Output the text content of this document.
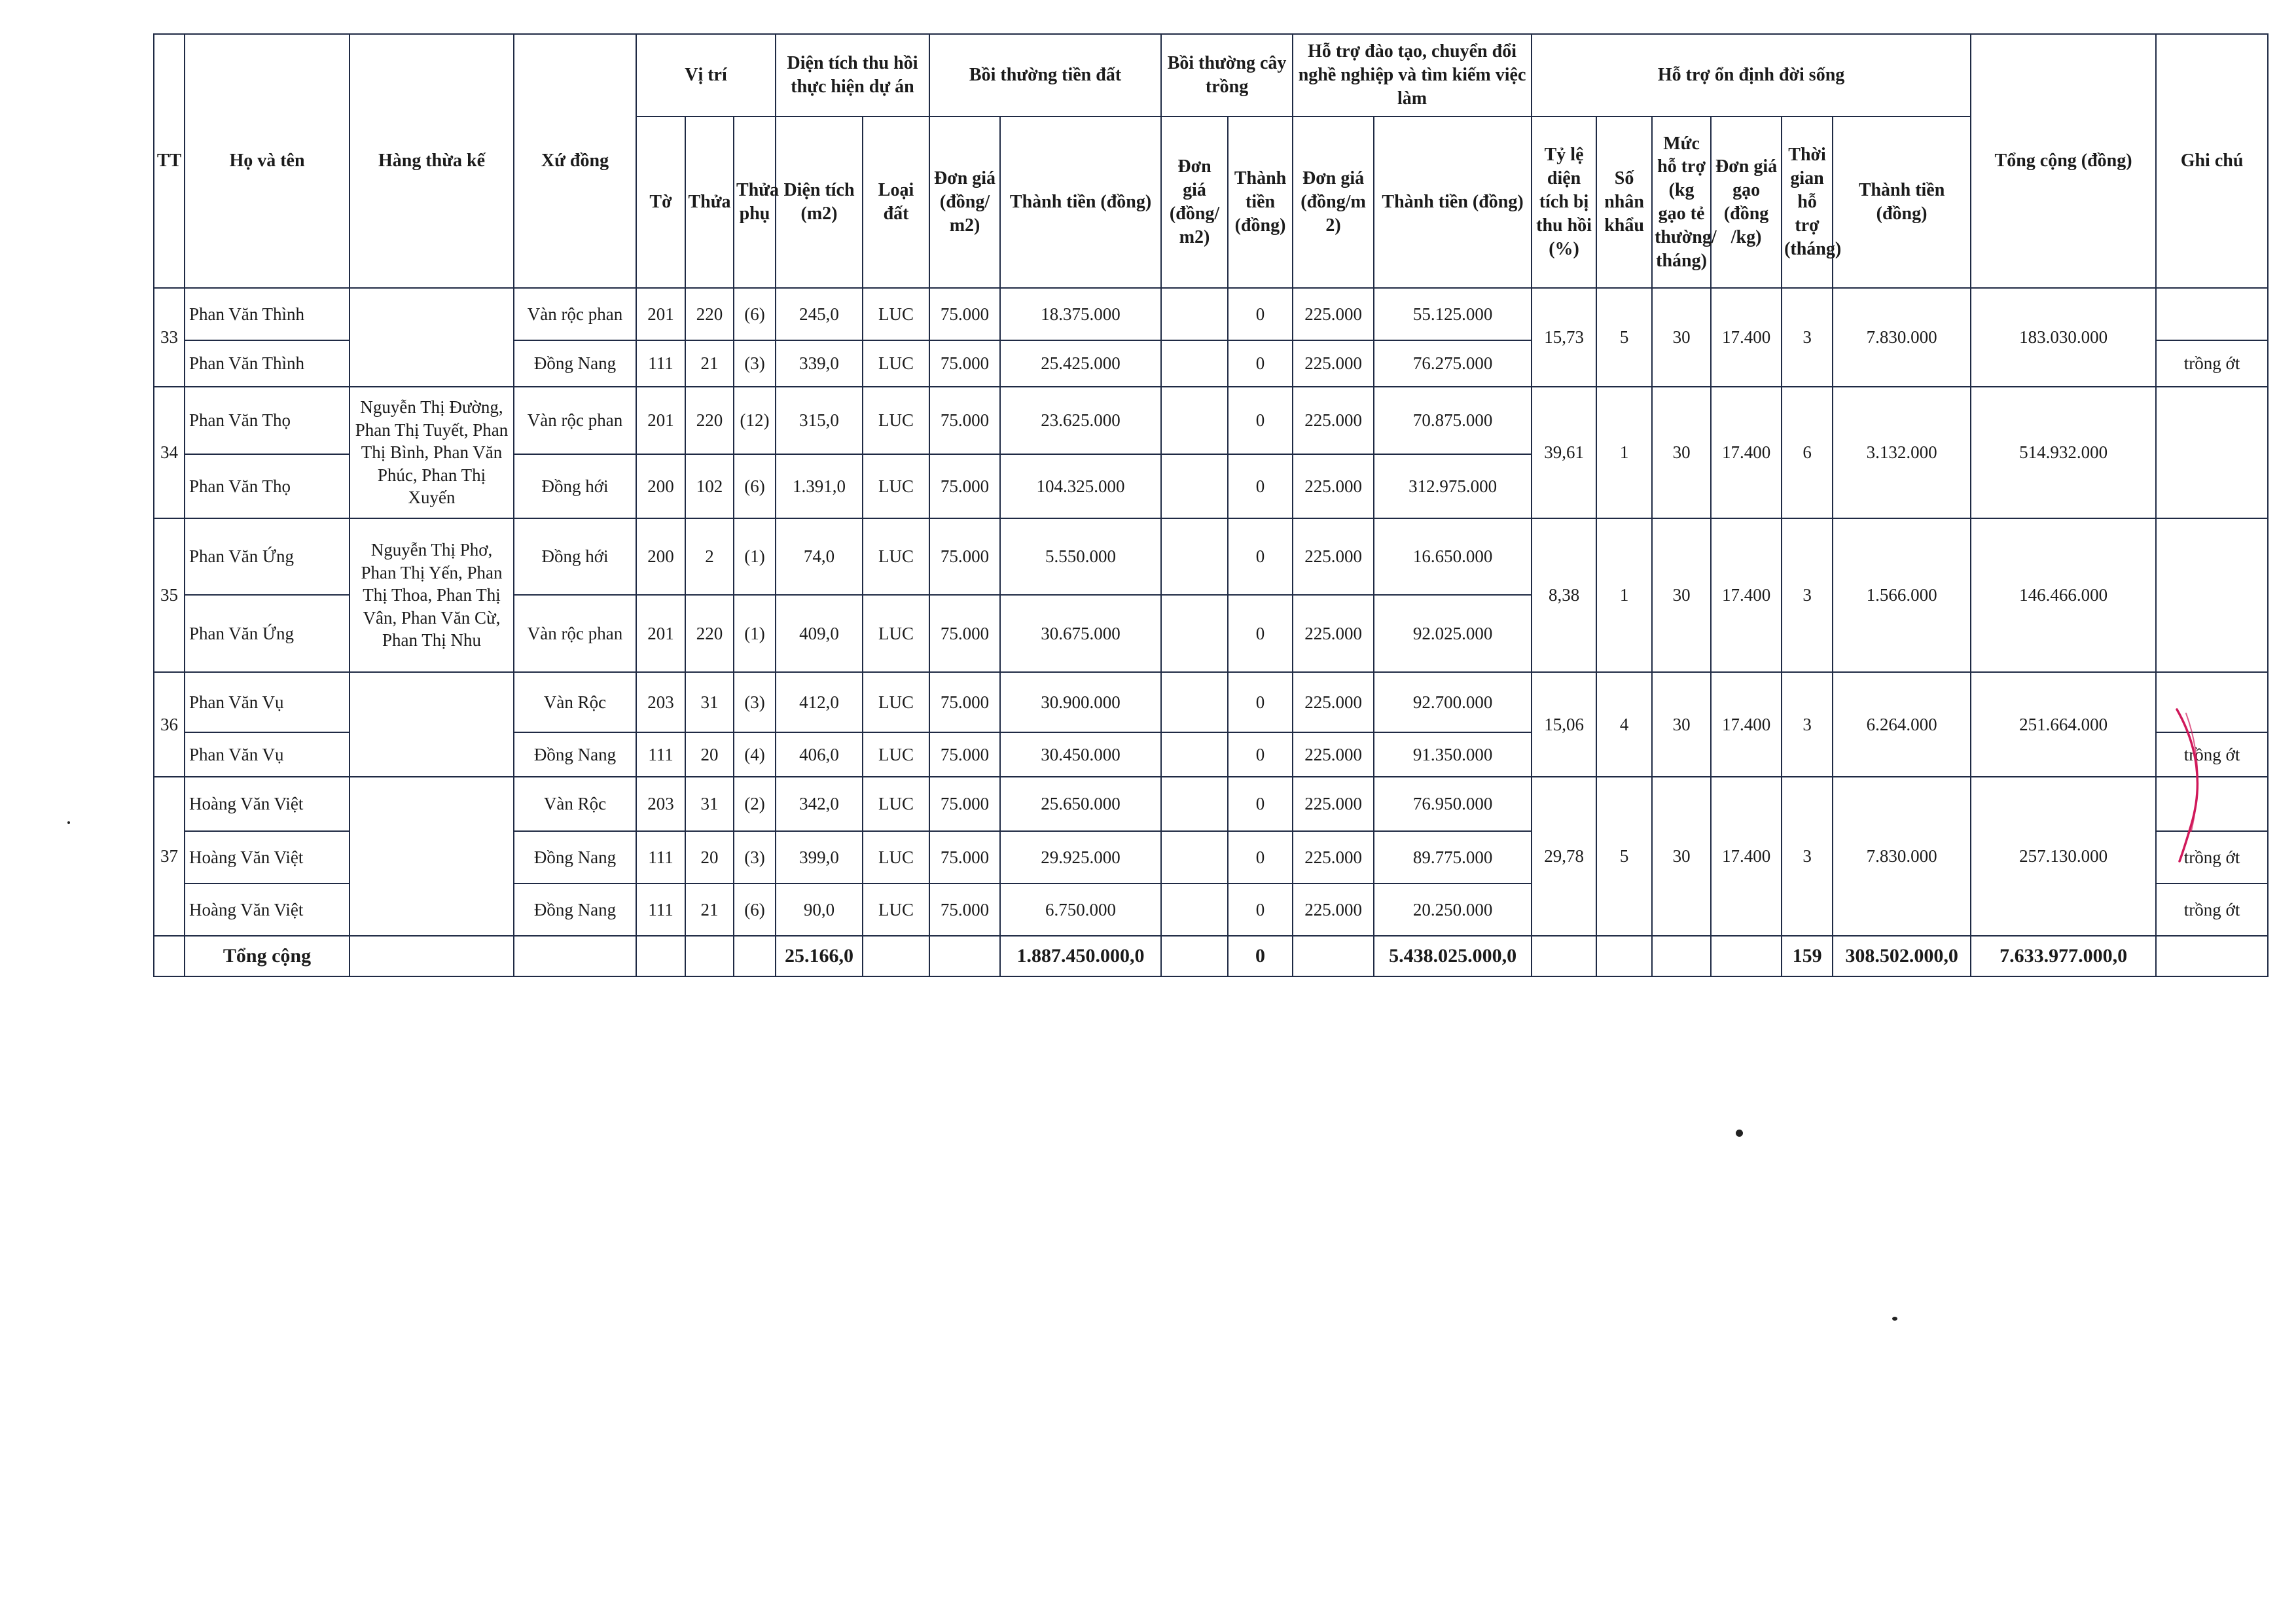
TT	Họ và tên	Hàng thừa kế	Xứ đồng	Vị trí			Diện tích thu hồi thực hiện dự án		Bồi thường tiền đất		Bồi thường cây trồng		Hỗ trợ đào tạo, chuyển đổi nghề nghiệp và tìm kiếm việc làm		Hỗ trợ ổn định đời sống						Tổng cộng (đồng)	Ghi chú
				Tờ	Thửa	Thửa phụ	Diện tích (m2)	Loại đất	Đơn giá (đồng/ m2)	Thành tiền (đồng)	Đơn giá (đồng/ m2)	Thành tiền (đồng)	Đơn giá (đồng/m 2)	Thành tiền (đồng)	Tỷ lệ diện tích bị thu hồi (%)	Số nhân khẩu	Mức hỗ trợ (kg gạo tẻ thường/ tháng)	Đơn giá gạo (đồng /kg)	Thời gian hỗ trợ (tháng)	Thành tiền (đồng)		
33	Phan Văn Thình		Vàn rộc phan	201	220	(6)	245,0	LUC	75.000	18.375.000		0	225.000	55.125.000	15,73	5	30	17.400	3	7.830.000	183.030.000	
	Phan Văn Thình		Đồng Nang	111	21	(3)	339,0	LUC	75.000	25.425.000		0	225.000	76.275.000								trồng ớt
34	Phan Văn Thọ	Nguyễn Thị Đường, Phan Thị Tuyết, Phan Thị Bình, Phan Văn Phúc, Phan Thị Xuyến	Vàn rộc phan	201	220	(12)	315,0	LUC	75.000	23.625.000		0	225.000	70.875.000	39,61	1	30	17.400	6	3.132.000	514.932.000	
	Phan Văn Thọ		Đồng hới	200	102	(6)	1.391,0	LUC	75.000	104.325.000		0	225.000	312.975.000								
35	Phan Văn Ứng	Nguyễn Thị Phơ, Phan Thị Yến, Phan Thị Thoa, Phan Thị Vân, Phan Văn Cừ, Phan Thị Nhu	Đồng hới	200	2	(1)	74,0	LUC	75.000	5.550.000		0	225.000	16.650.000	8,38	1	30	17.400	3	1.566.000	146.466.000	
	Phan Văn Ứng		Vàn rộc phan	201	220	(1)	409,0	LUC	75.000	30.675.000		0	225.000	92.025.000								
36	Phan Văn Vụ		Vàn Rộc	203	31	(3)	412,0	LUC	75.000	30.900.000		0	225.000	92.700.000	15,06	4	30	17.400	3	6.264.000	251.664.000	
	Phan Văn Vụ		Đồng Nang	111	20	(4)	406,0	LUC	75.000	30.450.000		0	225.000	91.350.000								trồng ớt
37	Hoàng Văn Việt		Vàn Rộc	203	31	(2)	342,0	LUC	75.000	25.650.000		0	225.000	76.950.000	29,78	5	30	17.400	3	7.830.000	257.130.000	
	Hoàng Văn Việt		Đồng Nang	111	20	(3)	399,0	LUC	75.000	29.925.000		0	225.000	89.775.000								trồng ớt
	Hoàng Văn Việt		Đồng Nang	111	21	(6)	90,0	LUC	75.000	6.750.000		0	225.000	20.250.000								trồng ớt
	Tổng cộng						25.166,0			1.887.450.000,0		0		5.438.025.000,0					159	308.502.000,0	7.633.977.000,0	
